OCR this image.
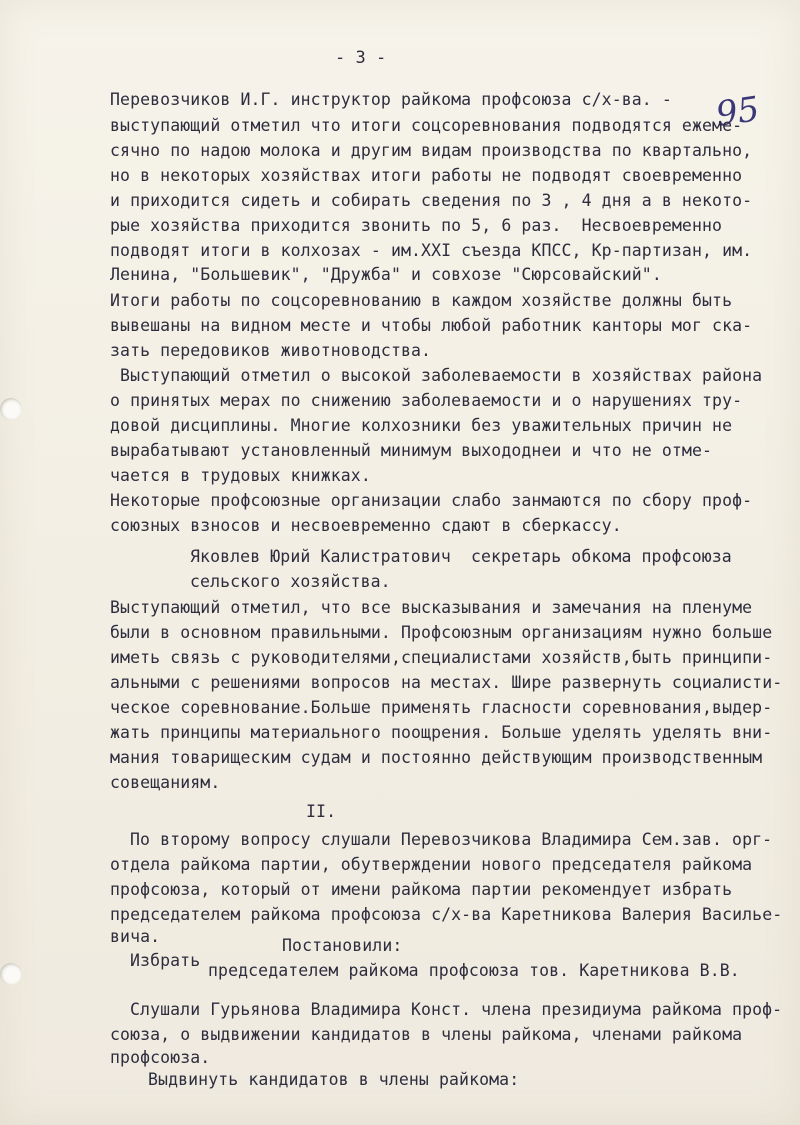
- 3 -
95
Перевозчиков И.Г. инструктор райкома профсоюза с/х-ва. -
выступающий отметил что итоги соцсоревнования подводятся ежеме-
сячно по надою молока и другим видам производства по квартально,
но в некоторых хозяйствах итоги работы не подводят своевременно
и приходится сидеть и собирать сведения по 3 , 4 дня а в некото-
рые хозяйства приходится звонить по 5, 6 раз.  Несвоевременно
подводят итоги в колхозах - им.XXI съезда КПСС, Кр-партизан, им.
Ленина, "Большевик", "Дружба" и совхозе "Сюрсовайский".
Итоги работы по соцсоревнованию в каждом хозяйстве должны быть
вывешаны на видном месте и чтобы любой работник канторы мог ска-
зать передовиков животноводства.
Выступающий отметил о высокой заболеваемости в хозяйствах района
о принятых мерах по снижению заболеваемости и о нарушениях тру-
довой дисциплины. Многие колхозники без уважительных причин не
вырабатывают установленный минимум выхододнеи и что не отме-
чается в трудовых книжках.
Некоторые профсоюзные организации слабо занмаются по сбору проф-
союзных взносов и несвоевременно сдают в сберкассу.
Яковлев Юрий Калистратович  секретарь обкома профсоюза
сельского хозяйства.
Выступающий отметил, что все высказывания и замечания на пленуме
были в основном правильными. Профсоюзным организациям нужно больше
иметь связь с руководителями,специалистами хозяйств,быть принципи-
альными с решениями вопросов на местах. Шире развернуть социалисти-
ческое соревнование.Больше применять гласности соревнования,выдер-
жать принципы материального поощрения. Больше уделять уделять вни-
мания товарищеским судам и постоянно действующим производственным
совещаниям.
II.
По второму вопросу слушали Перевозчикова Владимира Сем.зав. орг-
отдела райкома партии, обутверждении нового председателя райкома
профсоюза, который от имени райкома партии рекомендует избрать
председателем райкома профсоюза с/х-ва Каретникова Валерия Василье-
вича.	Постановили:
Избрать
председателем райкома профсоюза тов. Каретникова В.В.
Слушали Гурьянова Владимира Конст. члена президиума райкома проф-
союза, о выдвижении кандидатов в члены райкома, членами райкома
профсоюза.
Выдвинуть кандидатов в члены райкома:
